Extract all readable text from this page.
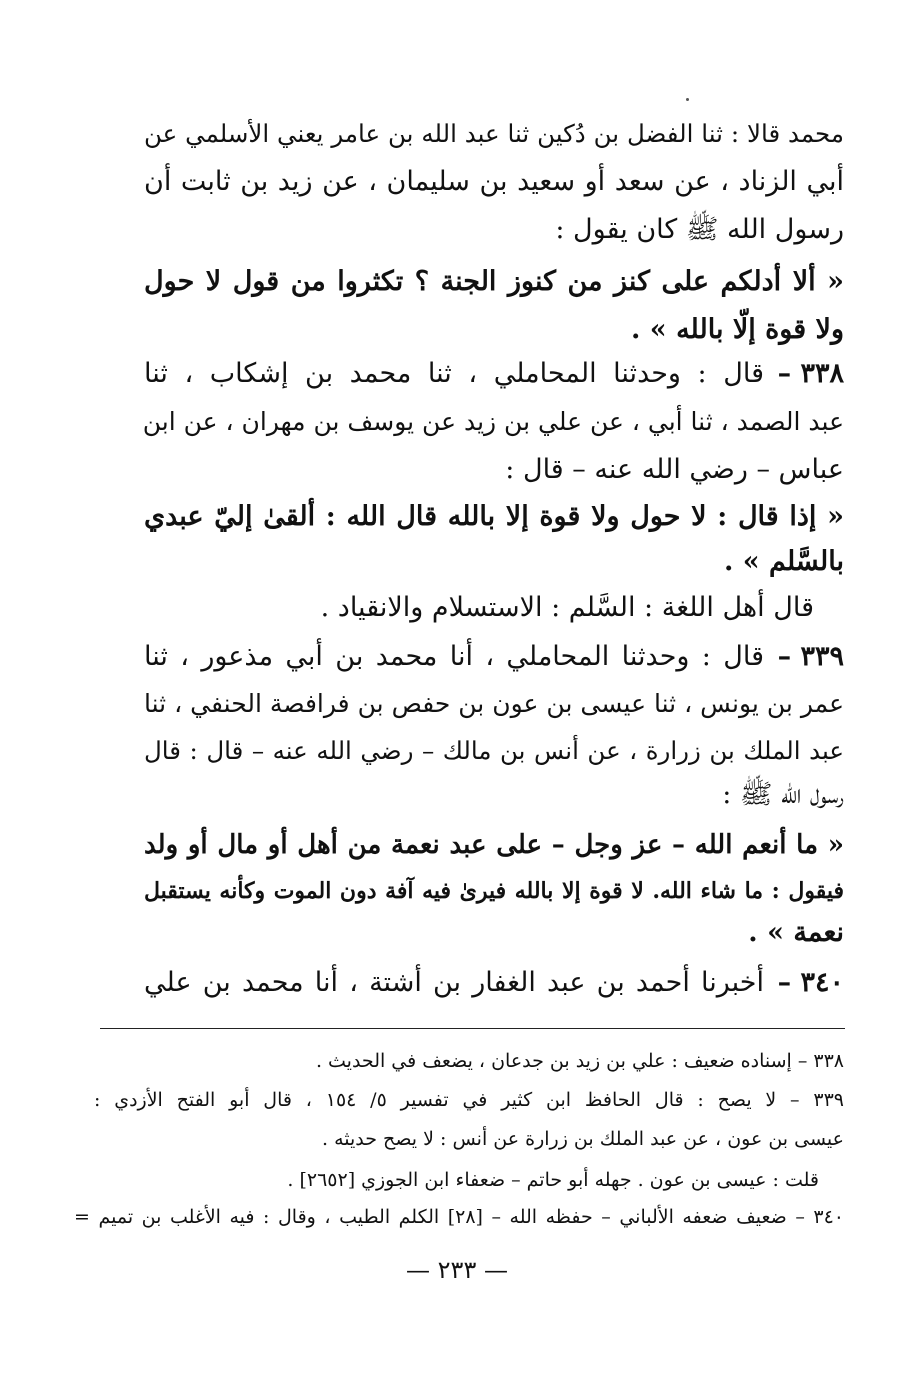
محمد قالا : ثنا الفضل بن دُكين ثنا عبد الله بن عامر يعني الأسلمي عن
أبي الزناد ، عن سعد أو سعيد بن سليمان ، عن زيد بن ثابت أن
رسول الله ﷺ كان يقول :
« ألا أدلكم على كنز من كنوز الجنة ؟ تكثروا من قول لا حول
ولا قوة إلّا بالله » .
قال : وحدثنا المحاملي ، ثنا محمد بن إشكاب ، ثنا ٣٣٨ –
عبد الصمد ، ثنا أبي ، عن علي بن زيد عن يوسف بن مهران ، عن ابن
عباس – رضي الله عنه – قال :
« إذا قال : لا حول ولا قوة إلا بالله قال الله : ألقىٰ إليّ عبدي
بالسَّلم » .
قال أهل اللغة : السَّلم : الاستسلام والانقياد .
قال : وحدثنا المحاملي ، أنا محمد بن أبي مذعور ، ثنا ٣٣٩ –
عمر بن يونس ، ثنا عيسى بن عون بن حفص بن فرافصة الحنفي ، ثنا
عبد الملك بن زرارة ، عن أنس بن مالك – رضي الله عنه – قال : قال
رسول الله ﷺ :
« ما أنعم الله – عز وجل – على عبد نعمة من أهل أو مال أو ولد
فيقول : ما شاء الله. لا قوة إلا بالله فيرىٰ فيه آفة دون الموت وكأنه يستقبل
نعمة » .
أخبرنا أحمد بن عبد الغفار بن أشتة ، أنا محمد بن علي ٣٤٠ –
٣٣٨ – إسناده ضعيف : علي بن زيد بن جدعان ، يضعف في الحديث .
٣٣٩ – لا يصح : قال الحافظ ابن كثير في تفسير ٥/ ١٥٤ ، قال أبو الفتح الأزدي :
عيسى بن عون ، عن عبد الملك بن زرارة عن أنس : لا يصح حديثه .
قلت : عيسى بن عون . جهله أبو حاتم – ضعفاء ابن الجوزي [٢٦٥٢] .
٣٤٠ – ضعيف ضعفه الألباني – حفظه الله – [٢٨] الكلم الطيب ، وقال : فيه الأغلب بن تميم =
— ٢٣٣ —
